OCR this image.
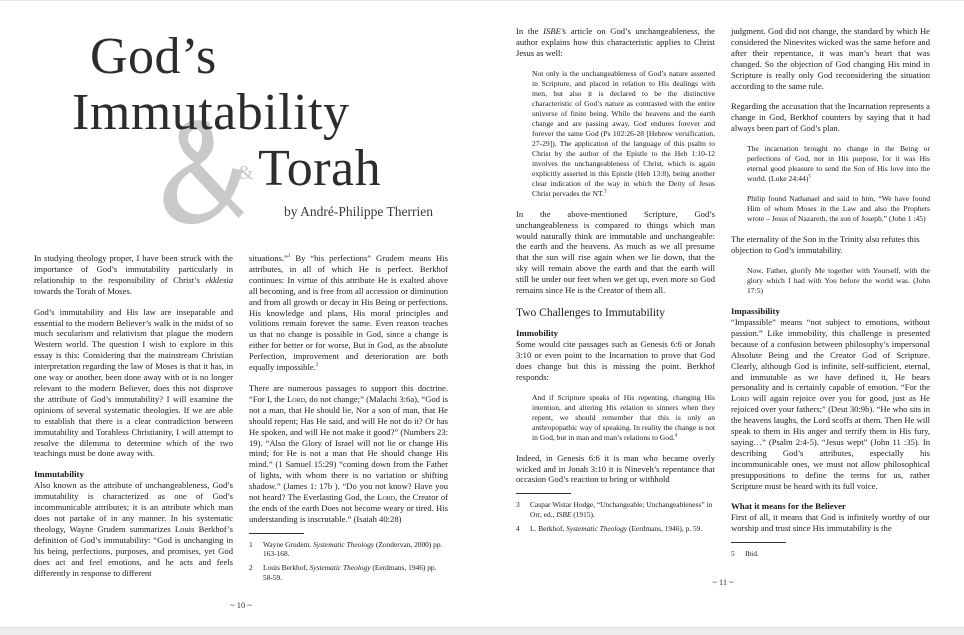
God’s
Immutability
&Torah
by André-Philippe Therrien

In studying theology proper, I have been struck with the importance of God’s immutability particularly in relationship to the responsibility of Christ’s ekklesia towards the Torah of Moses.

God’s immutability and His law are inseparable and essential to the modern Believer’s walk in the midst of so much secularism and relativism that plague the modern Western world. The question I wish to explore in this essay is this: Considering that the mainstream Christian interpretation regarding the law of Moses is that it has, in one way or another, been done away with or is no longer relevant to the modern Believer, does this not disprove the attribute of God’s immutability? I will examine the opinions of several systematic theologies. If we are able to establish that there is a clear contradiction between immutability and Torahless Christianity, I will attempt to resolve the dilemma to determine which of the two teachings must be done away with.

Immutability

Also known as the attribute of unchangeableness, God’s immutability is characterized as one of God’s incommunicable attributes; it is an attribute which man does not partake of in any manner. In his systematic theology, Wayne Grudem summarizes Louis Berkhof’s definition of God’s immutability: “God is unchanging in his being, perfections, purposes, and promises, yet God does act and feel emotions, and he acts and feels differently in response to different

situations.”$^1$ By “his perfections” Grudem means His attributes, in all of which He is perfect. Berkhof continues: In virtue of this attribute He is exalted above all becoming, and is free from all accession or diminution and from all growth or decay in His Being or perfections. His knowledge and plans, His moral principles and volitions remain forever the same. Even reason teaches us that no change is possible in God, since a change is either for better or for worse, But in God, as the absolute Perfection, improvement and deterioration are both equally impossible.$^2$

There are numerous passages to support this doctrine. “For I, the Lord, do not change;” (Malachi 3:6a), “God is not a man, that He should lie, Nor a son of man, that He should repent; Has He said, and will He not do it? Or has He spoken, and will He not make it good?” (Numbers 23: 19). “Also the Glory of Israel will not lie or change His mind; for He is not a man that He should change His mind.” (1 Samuel 15:29) “coming down from the Father of lights, with whom there is no variation or shifting shadow.” (James 1: 17b ). “Do you not know? Have you not heard? The Everlasting God, the Lord, the Creator of the ends of the earth Does not become weary or tired. His understanding is inscrutable.” (Isaiah 40:28)

1	Wayne Grudem. Systematic Theology (Zondervan, 2000) pp. 163-168.
2	Louis Berkhof, Systematic Theology (Eerdmans, 1946) pp. 58-59.
~ 10 ~

In the ISBE’s article on God’s unchangeableness, the author explains how this characteristic applies to Christ Jesus as well:

Not only is the unchangeableness of God’s nature asserted in Scripture, and placed in relation to His dealings with men, but also it is declared to be the distinctive characteristic of God’s nature as contrasted with the entire universe of finite being. While the heavens and the earth change and are passing away, God endures forever and forever the same God (Ps 102:26-28 [Hebrew versification, 27-29]). The application of the language of this psalm to Christ by the author of the Epistle to the Heb 1:10-12 involves the unchangeableness of Christ, which is again explicitly asserted in this Epistle (Heb 13:8), being another clear indication of the way in which the Deity of Jesus Christ pervades the NT.$^3$

In the above-mentioned Scripture, God’s unchangeableness is compared to things which man would naturally think are immutable and unchangeable: the earth and the heavens. As much as we all presume that the sun will rise again when we lie down, that the sky will remain above the earth and that the earth will still be under our feet when we get up, even more so God remains since He is the Creator of them all.

Two Challenges to Immutability
Immobility

Some would cite passages such as Genesis 6:6 or Jonah 3:10 or even point to the Incarnation to prove that God does change but this is missing the point. Berkhof responds:

And if Scripture speaks of His repenting, changing His intention, and altering His relation to sinners when they repent, we should remember that this is only an anthropopathic way of speaking. In reality the change is not in God, but in man and man’s relations to God.$^4$

Indeed, in Genesis 6:6 it is man who became overly wicked and in Jonah 3:10 it is Nineveh’s repentance that occasion God’s reaction to bring or withhold

3	Caspar Wistar Hodge, “Unchangeable; Unchangeableness” in Orr, ed., ISBE (1915).
4	L. Berkhof, Systematic Theology (Eerdmans, 1946), p. 59.

judgment. God did not change, the standard by which He considered the Ninevites wicked was the same before and after their repentance, it was man’s heart that was changed. So the objection of God changing His mind in Scripture is really only God reconsidering the situation according to the same rule.

Regarding the accusation that the Incarnation represents a change in God, Berkhof counters by saying that it had always been part of God’s plan.

The incarnation brought no change in the Being or perfections of God, nor in His purpose, for it was His eternal good pleasure to send the Son of His love into the world. (Luke 24:44)$^5$
Philip found Nathanael and said to him, “We have found Him of whom Moses in the Law and also the Prophets wrote – Jesus of Nazareth, the son of Joseph.” (John 1 :45)

The eternality of the Son in the Trinity also refutes this objection to God’s immutability.

Now, Father, glorify Me together with Yourself, with the glory which I had with You before the world was. (John 17:5)
Impassibility

“Impassible” means “not subject to emotions, without passion.” Like immobility, this challenge is presented because of a confusion between philosophy’s impersonal Absolute Being and the Creator God of Scripture. Clearly, although God is infinite, self-sufficient, eternal, and immutable as we have defined it, He bears personality and is certainly capable of emotion. “For the Lord will again rejoice over you for good, just as He rejoiced over your fathers;” (Deut 30:9b). “He who sits in the heavens laughs, the Lord scoffs at them. Then He will speak to them in His anger and terrify them in His fury, saying…” (Psalm 2:4-5). “Jesus wept” (John 11 :35). In describing God’s attributes, especially his incommunicable ones, we must not allow philosophical presuppositions to define the terms for us, rather Scripture must be heard with its full voice.

What it means for the Believer

First of all, it means that God is infinitely worthy of our worship and trust since His immutability is the

5	Ibid.
~ 11 ~
